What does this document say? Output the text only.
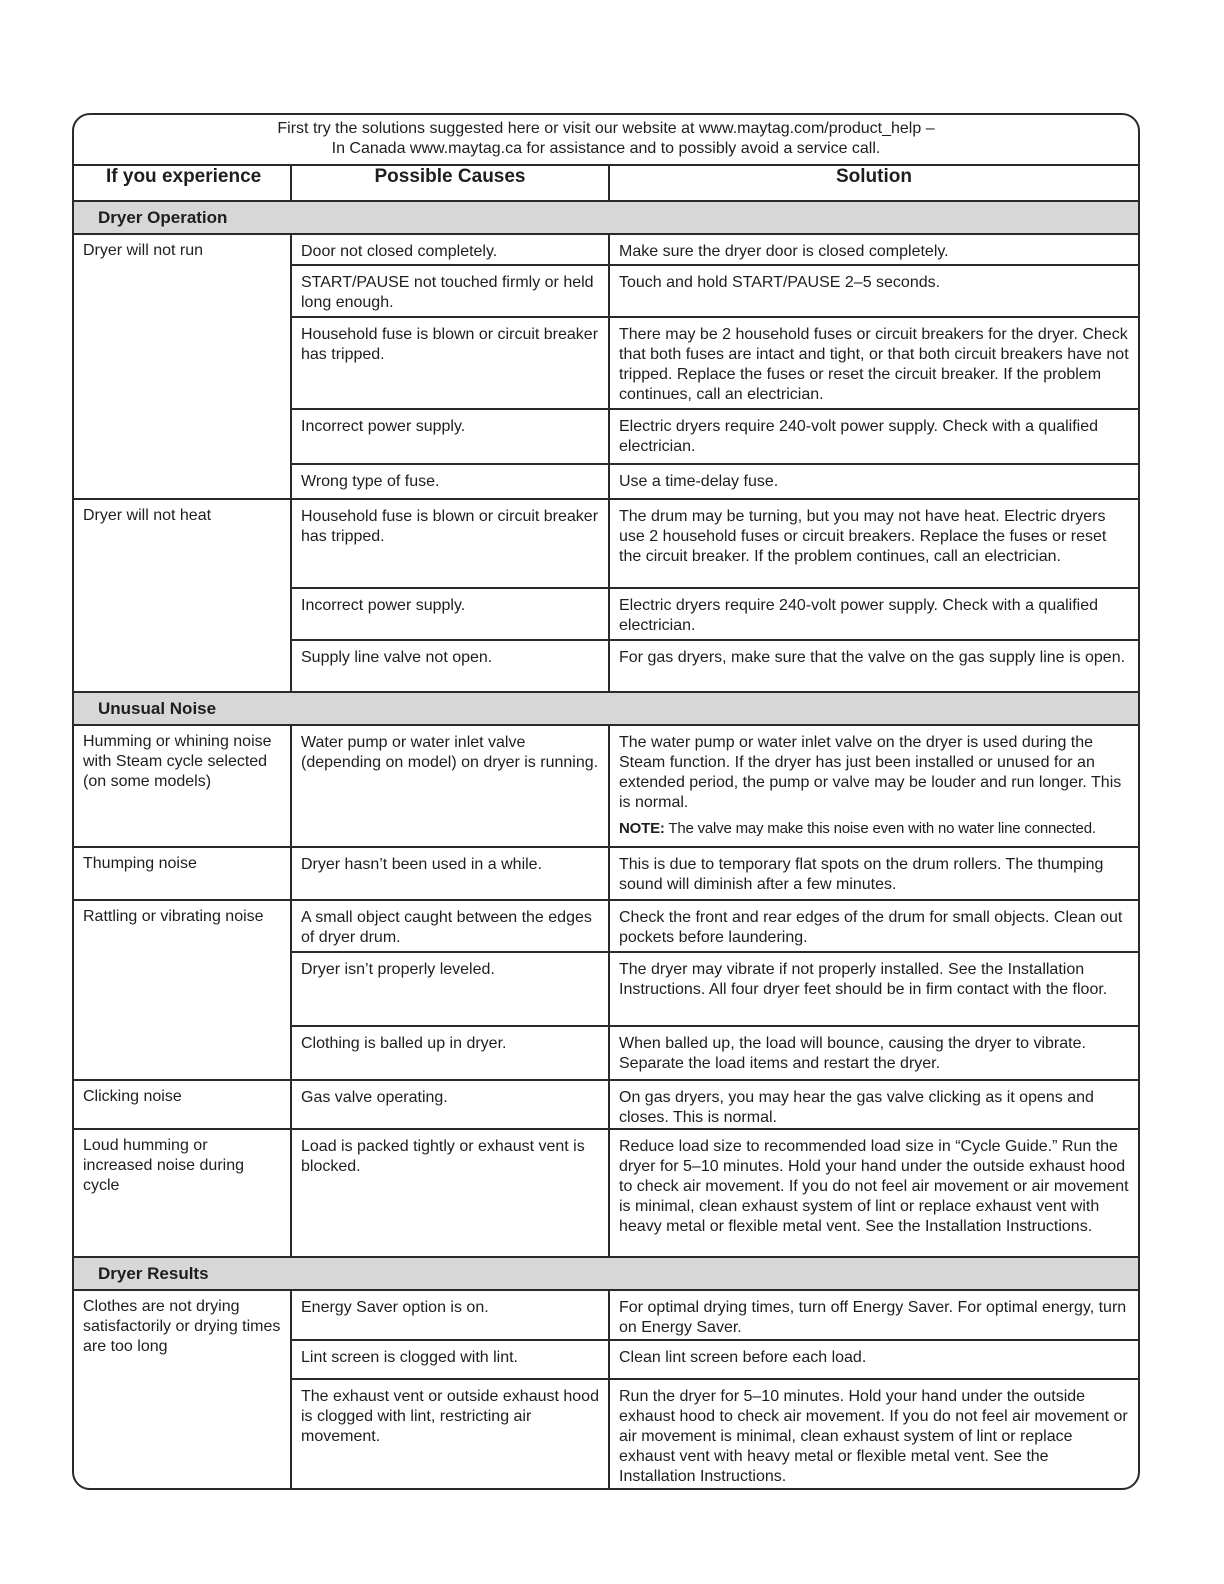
First try the solutions suggested here or visit our website at www.maytag.com/product_help –
In Canada www.maytag.ca for assistance and to possibly avoid a service call.		

If you experience	Possible Causes	Solution
Dryer Operation		
Dryer will not run	Door not closed completely.	Make sure the dryer door is closed completely.

	START/PAUSE not touched firmly or held long enough.	Touch and hold START/PAUSE 2–5 seconds.

	Household fuse is blown or circuit breaker has tripped.	There may be 2 household fuses or circuit breakers for the dryer. Check that both fuses are intact and tight, or that both circuit breakers have not tripped. Replace the fuses or reset the circuit breaker. If the problem continues, call an electrician.

	Incorrect power supply.	Electric dryers require 240-volt power supply. Check with a qualified electrician.

	Wrong type of fuse.	Use a time-delay fuse.

Dryer will not heat	Household fuse is blown or circuit breaker has tripped.	The drum may be turning, but you may not have heat. Electric dryers use 2 household fuses or circuit breakers. Replace the fuses or reset the circuit breaker. If the problem continues, call an electrician.

	Incorrect power supply.	Electric dryers require 240-volt power supply. Check with a qualified electrician.

	Supply line valve not open.	For gas dryers, make sure that the valve on the gas supply line is open.

Unusual Noise		
Humming or whining noise with Steam cycle selected (on some models)	Water pump or water inlet valve (depending on model) on dryer is running.	The water pump or water inlet valve on the dryer is used during the Steam function. If the dryer has just been installed or unused for an extended period, the pump or valve may be louder and run longer. This is normal.
NOTE: The valve may make this noise even with no water line connected.

Thumping noise	Dryer hasn’t been used in a while.	This is due to temporary flat spots on the drum rollers. The thumping sound will diminish after a few minutes.

Rattling or vibrating noise	A small object caught between the edges of dryer drum.	Check the front and rear edges of the drum for small objects. Clean out pockets before laundering.

	Dryer isn’t properly leveled.	The dryer may vibrate if not properly installed. See the Installation Instructions. All four dryer feet should be in firm contact with the floor.

	Clothing is balled up in dryer.	When balled up, the load will bounce, causing the dryer to vibrate. Separate the load items and restart the dryer.

Clicking noise	Gas valve operating.	On gas dryers, you may hear the gas valve clicking as it opens and closes. This is normal.

Loud humming or increased noise during cycle	Load is packed tightly or exhaust vent is blocked.	Reduce load size to recommended load size in “Cycle Guide.” Run the dryer for 5–10 minutes. Hold your hand under the outside exhaust hood to check air movement. If you do not feel air movement or air movement is minimal, clean exhaust system of lint or replace exhaust vent with heavy metal or flexible metal vent. See the Installation Instructions.

Dryer Results		
Clothes are not drying satisfactorily or drying times are too long	Energy Saver option is on.	For optimal drying times, turn off Energy Saver. For optimal energy, turn on Energy Saver.

	Lint screen is clogged with lint.	Clean lint screen before each load.

	The exhaust vent or outside exhaust hood is clogged with lint, restricting air movement.	Run the dryer for 5–10 minutes. Hold your hand under the outside exhaust hood to check air movement. If you do not feel air movement or air movement is minimal, clean exhaust system of lint or replace exhaust vent with heavy metal or flexible metal vent. See the Installation Instructions.
